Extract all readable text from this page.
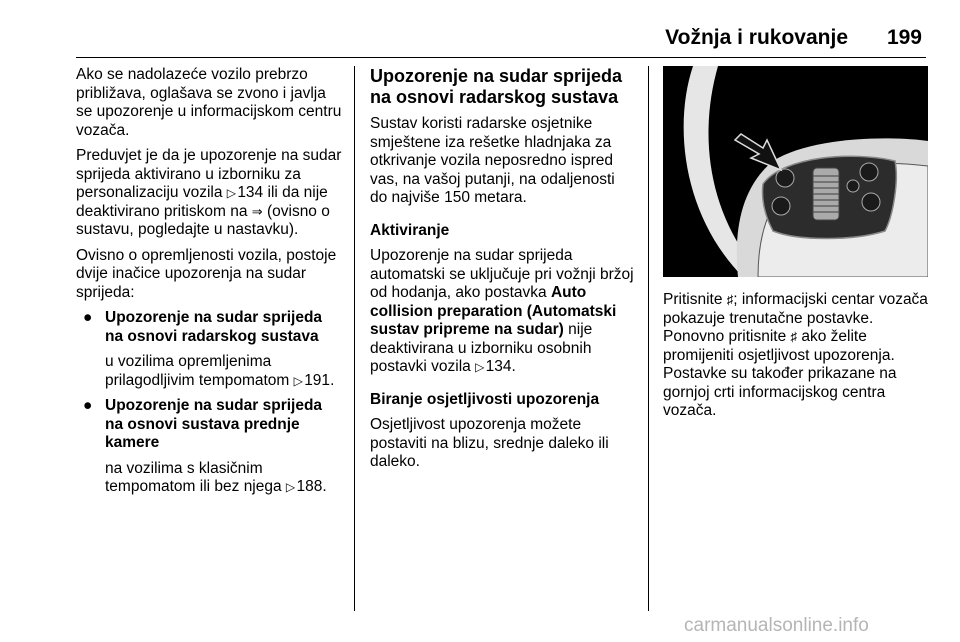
Vožnja i rukovanje 199

Ako se nadolazeće vozilo prebrzo približava, oglašava se zvono i javlja se upozorenje u informacijskom centru vozača.

Preduvjet je da je upozorenje na sudar sprijeda aktivirano u izborniku za personalizaciju vozila ▷ 134 ili da nije deaktivirano pritiskom na ⇒ (ovisno o sustavu, pogledajte u nastavku).

Ovisno o opremljenosti vozila, postoje dvije inačice upozorenja na sudar sprijeda:

● Upozorenje na sudar sprijeda na osnovi radarskog sustava

u vozilima opremljenima prilagodljivim tempomatom ▷ 191.

● Upozorenje na sudar sprijeda na osnovi sustava prednje kamere

na vozilima s klasičnim tempomatom ili bez njega ▷ 188.

Upozorenje na sudar sprijeda na osnovi radarskog sustava

Sustav koristi radarske osjetnike smještene iza rešetke hladnjaka za otkrivanje vozila neposredno ispred vas, na vašoj putanji, na odaljenosti do najviše 150 metara.

Aktiviranje

Upozorenje na sudar sprijeda automatski se uključuje pri vožnji bržoj od hodanja, ako postavka Auto collision preparation (Automatski sustav pripreme na sudar) nije deaktivirana u izborniku osobnih postavki vozila ▷ 134.

Biranje osjetljivosti upozorenja

Osjetljivost upozorenja možete postaviti na blizu, srednje daleko ili daleko.

Pritisnite ♯; informacijski centar vozača pokazuje trenutačne postavke. Ponovno pritisnite ♯ ako želite promijeniti osjetljivost upozorenja. Postavke su također prikazane na gornjoj crti informacijskog centra vozača.
carmanualsonline.info
